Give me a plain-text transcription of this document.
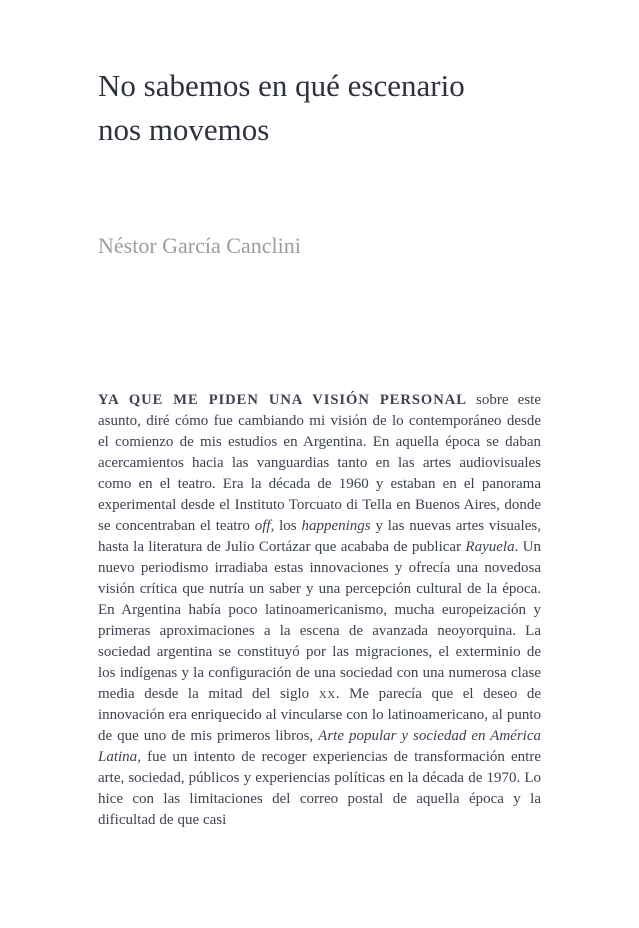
No sabemos en qué escenario
nos movemos
Néstor García Canclini

YA QUE ME PIDEN UNA VISIÓN PERSONAL sobre este asunto, diré cómo fue cambiando mi visión de lo contemporáneo desde el comienzo de mis estudios en Argentina. En aquella época se daban acercamientos hacia las vanguardias tanto en las artes audiovisuales como en el teatro. Era la década de 1960 y estaban en el panorama experimental desde el Instituto Torcuato di Tella en Buenos Aires, donde se concentraban el teatro off, los happenings y las nuevas artes visuales, hasta la literatura de Julio Cortázar que acababa de publicar Rayuela. Un nuevo periodismo irradiaba estas innovaciones y ofrecía una novedosa visión crítica que nutría un saber y una percepción cultural de la época. En Argentina había poco latinoamericanismo, mucha europeización y primeras aproximaciones a la escena de avanzada neoyorquina. La sociedad argentina se constituyó por las migraciones, el exterminio de los indígenas y la configuración de una sociedad con una numerosa clase media desde la mitad del siglo xx. Me parecía que el deseo de innovación era enriquecido al vincularse con lo latinoamericano, al punto de que uno de mis primeros libros, Arte popular y sociedad en América Latina, fue un intento de recoger experiencias de transformación entre arte, sociedad, públicos y experiencias políticas en la década de 1970. Lo hice con las limitaciones del correo postal de aquella época y la dificultad de que casi
